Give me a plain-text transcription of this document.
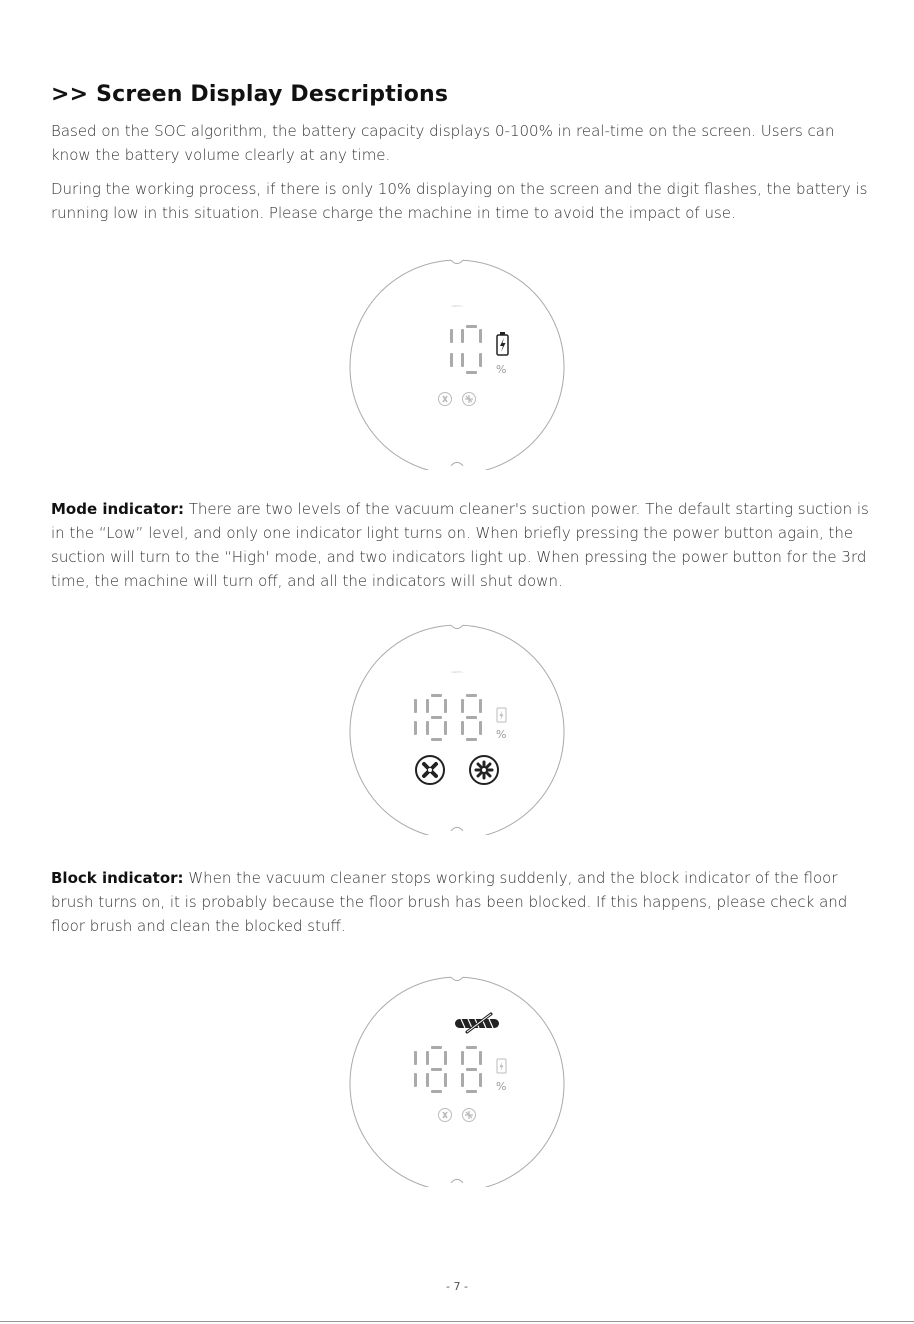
>> Screen Display Descriptions

Based on the SOC algorithm, the battery capacity displays 0-100% in real-time on the screen. Users can know the battery volume clearly at any time.

During the working process, if there is only 10% displaying on the screen and the digit flashes, the battery is running low in this situation. Please charge the machine in time to avoid the impact of use.

·ᵃᵖᵖˡⁱᵉˢ·
%

Mode indicator: There are two levels of the vacuum cleaner's suction power. The default starting suction is in the “Low” level, and only one indicator light turns on. When briefly pressing the power button again, the suction will turn to the “High' mode, and two indicators light up. When pressing the power button for the 3rd time, the machine will turn off, and all the indicators will shut down.

·ᵃᵖᵖˡⁱᵉˢ·
%

Block indicator: When the vacuum cleaner stops working suddenly, and the block indicator of the floor brush turns on, it is probably because the floor brush has been blocked. If this happens, please check and floor brush and clean the blocked stuff.

%
- 7 -
